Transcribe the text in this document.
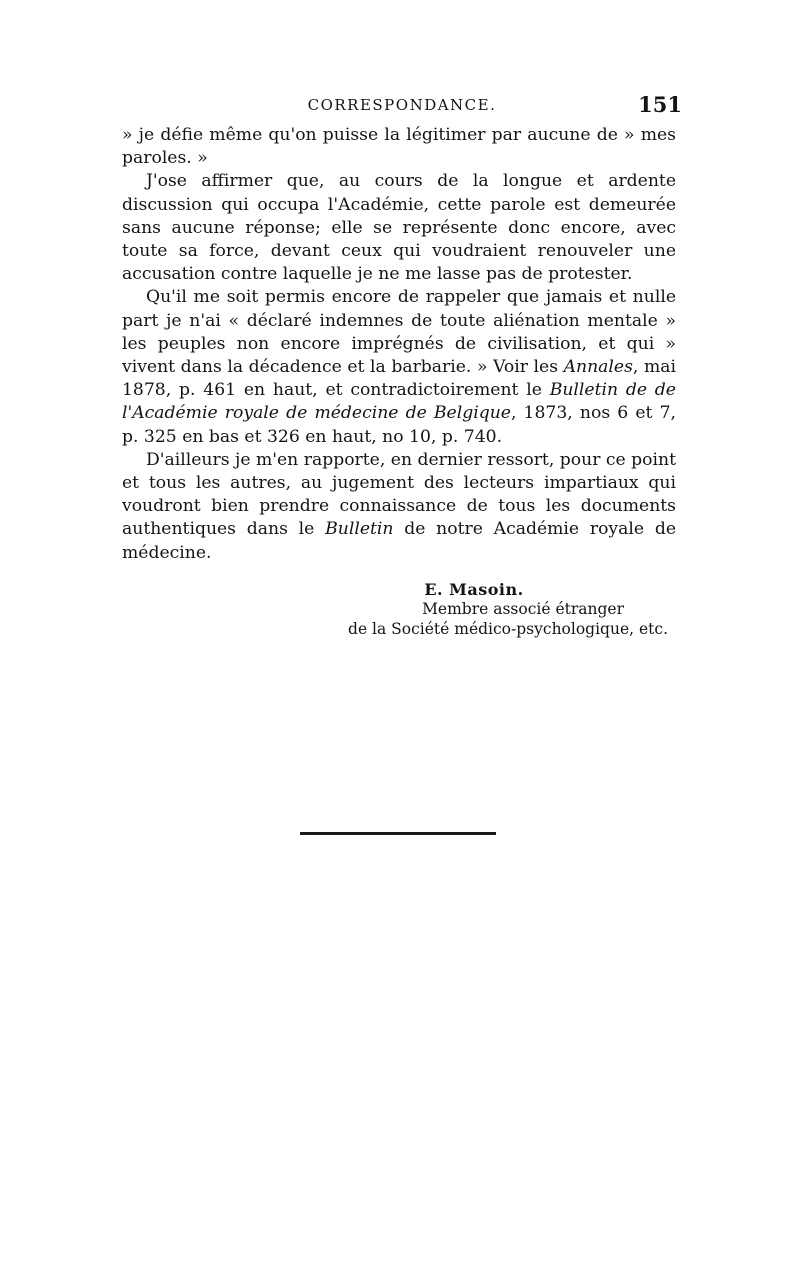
CORRESPONDANCE.	151

» je défie même qu'on puisse la légitimer par aucune de » mes paroles. »

J'ose affirmer que, au cours de la longue et ardente discussion qui occupa l'Académie, cette parole est demeurée sans aucune réponse; elle se représente donc encore, avec toute sa force, devant ceux qui voudraient renouveler une accusation contre laquelle je ne me lasse pas de protester.

Qu'il me soit permis encore de rappeler que jamais et nulle part je n'ai « déclaré indemnes de toute aliénation mentale » les peuples non encore imprégnés de civilisation, et qui » vivent dans la décadence et la barbarie. » Voir les Annales, mai 1878, p. 461 en haut, et contradictoirement le Bulletin de de l'Académie royale de médecine de Belgique, 1873, nos 6 et 7, p. 325 en bas et 326 en haut, no 10, p. 740.

D'ailleurs je m'en rapporte, en dernier ressort, pour ce point et tous les autres, au jugement des lecteurs impartiaux qui voudront bien prendre connaissance de tous les documents authentiques dans le Bulletin de notre Académie royale de médecine.

E. Masoin.
Membre associé étranger
de la Société médico-psychologique, etc.
